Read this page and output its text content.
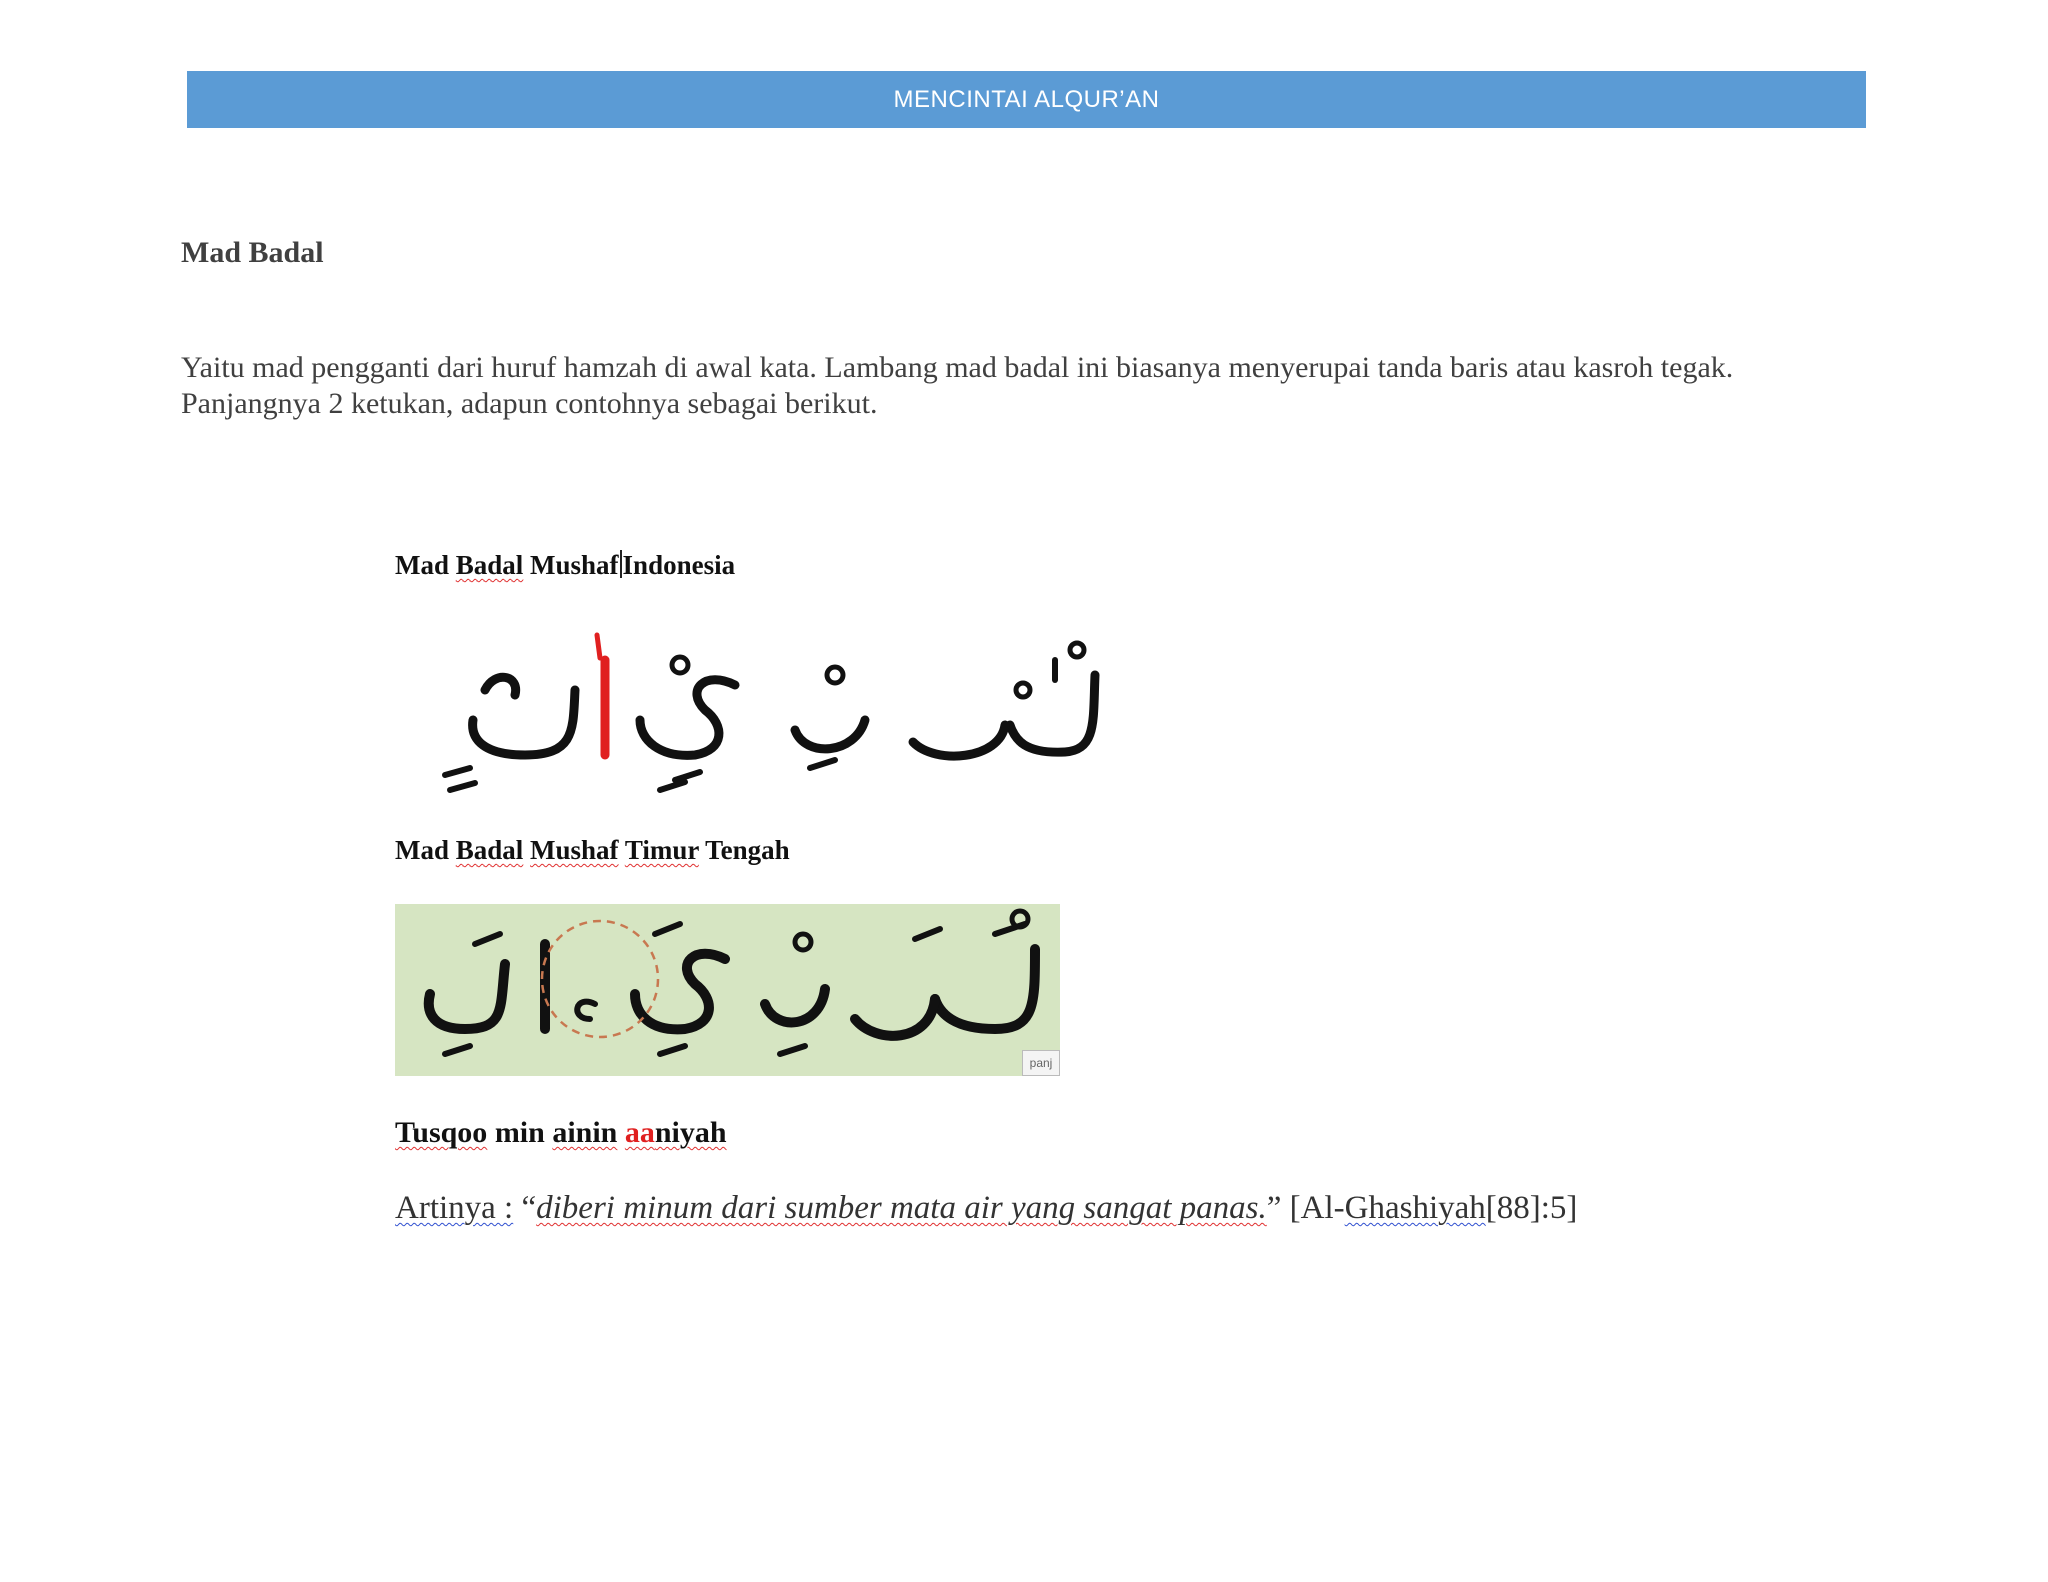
MENCINTAI ALQUR’AN
Mad Badal
Yaitu mad pengganti dari huruf hamzah di awal kata. Lambang mad badal ini biasanya menyerupai tanda baris atau kasroh tegak.
Panjangnya 2 ketukan, adapun contohnya sebagai berikut.
Mad Badal Mushaf Indonesia
Mad Badal Mushaf Timur Tengah
panj
Tusqoo min ainin aaniyah
Artinya : “diberi minum dari sumber mata air yang sangat panas.” [Al-Ghashiyah[88]:5]
